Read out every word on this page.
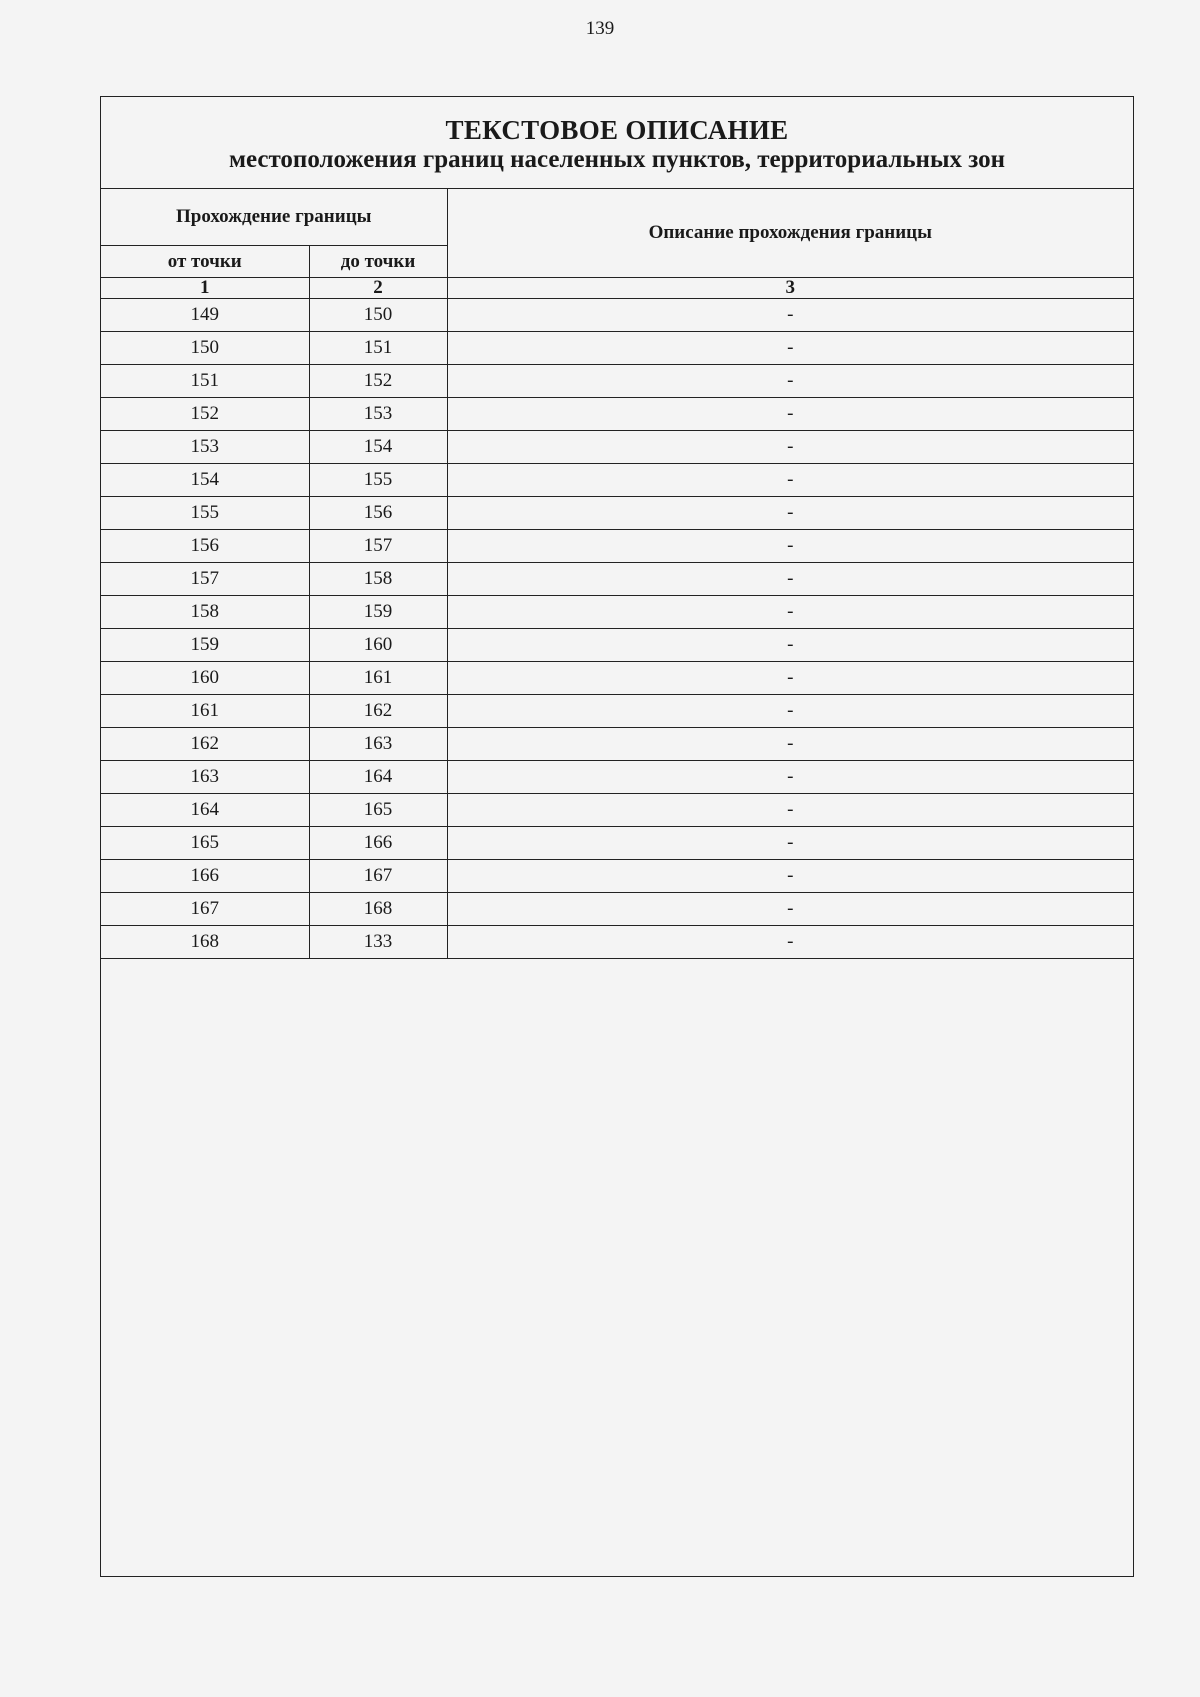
139
ТЕКСТОВОЕ ОПИСАНИЕ
местоположения границ населенных пунктов, территориальных зон
Прохождение границы		Описание прохождения границы
от точки	до точки	
1	2	3
149	150	-
150	151	-
151	152	-
152	153	-
153	154	-
154	155	-
155	156	-
156	157	-
157	158	-
158	159	-
159	160	-
160	161	-
161	162	-
162	163	-
163	164	-
164	165	-
165	166	-
166	167	-
167	168	-
168	133	-
